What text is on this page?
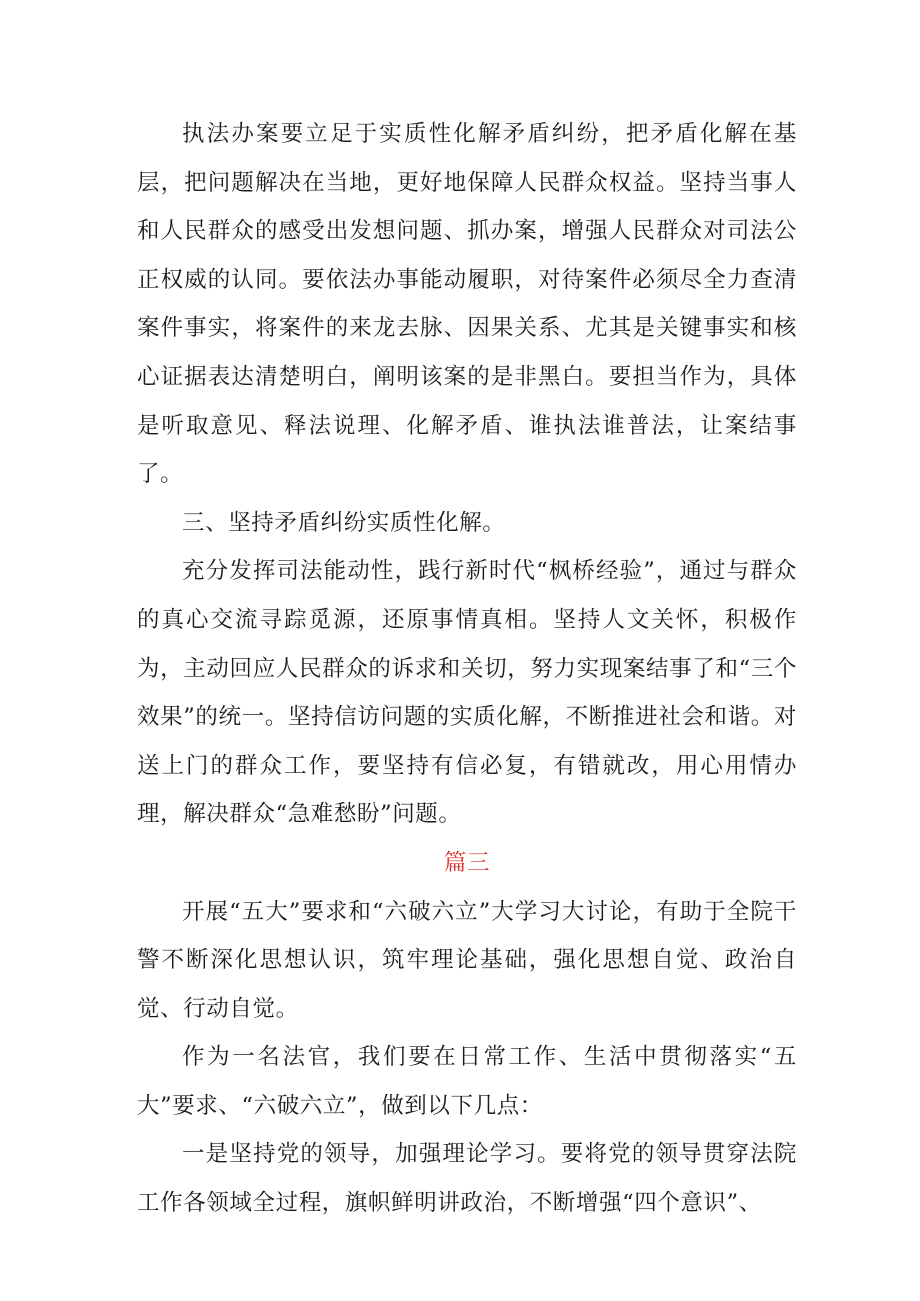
执法办案要立足于实质性化解矛盾纠纷，把矛盾化解在基层，把问题解决在当地，更好地保障人民群众权益。坚持当事人和人民群众的感受出发想问题、抓办案，增强人民群众对司法公正权威的认同。要依法办事能动履职，对待案件必须尽全力查清案件事实，将案件的来龙去脉、因果关系、尤其是关键事实和核心证据表达清楚明白，阐明该案的是非黑白。要担当作为，具体是听取意见、释法说理、化解矛盾、谁执法谁普法，让案结事了。

三、坚持矛盾纠纷实质性化解。

充分发挥司法能动性，践行新时代“枫桥经验”，通过与群众的真心交流寻踪觅源，还原事情真相。坚持人文关怀，积极作为，主动回应人民群众的诉求和关切，努力实现案结事了和“三个效果”的统一。坚持信访问题的实质化解，不断推进社会和谐。对送上门的群众工作，要坚持有信必复，有错就改，用心用情办理，解决群众“急难愁盼”问题。

篇三

开展“五大”要求和“六破六立”大学习大讨论，有助于全院干警不断深化思想认识，筑牢理论基础，强化思想自觉、政治自觉、行动自觉。

作为一名法官，我们要在日常工作、生活中贯彻落实“五大”要求、“六破六立”，做到以下几点：

一是坚持党的领导，加强理论学习。要将党的领导贯穿法院工作各领域全过程，旗帜鲜明讲政治，不断增强“四个意识”、
